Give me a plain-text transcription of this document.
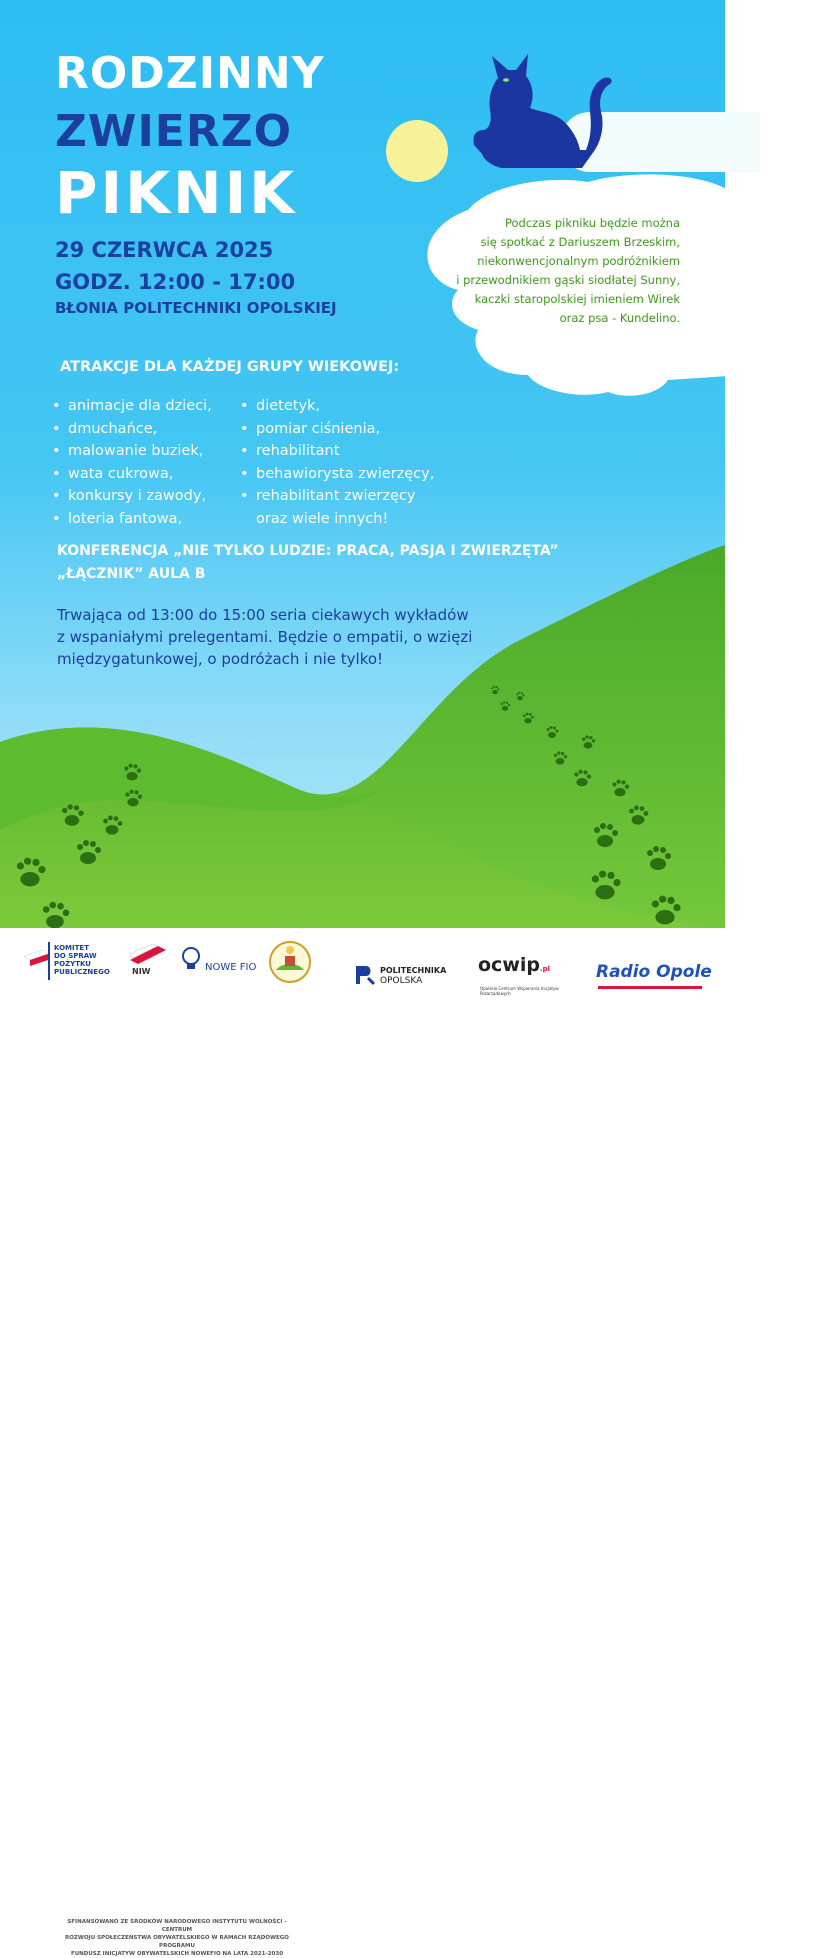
Podczas pikniku będzie można
się spotkać z Dariuszem Brzeskim,
niekonwencjonalnym podróżnikiem
i przewodnikiem gąski siodłatej Sunny,
kaczki staropolskiej imieniem Wirek
oraz psa - Kundelino.
RODZINNY
ZWIERZO
PIKNIK
29 CZERWCA 2025
GODZ. 12:00 - 17:00
BŁONIA POLITECHNIKI OPOLSKIEJ
ATRAKCJE DLA KAŻDEJ GRUPY WIEKOWEJ:
• animacje dla dzieci,
• dmuchańce,
• malowanie buziek,
• wata cukrowa,
• konkursy i zawody,
• loteria fantowa,
• dietetyk,
• pomiar ciśnienia,
• rehabilitant
• behawiorysta zwierzęcy,
• rehabilitant zwierzęcy
oraz wiele innych!
KONFERENCJA „NIE TYLKO LUDZIE: PRACA, PASJA I ZWIERZĘTA”
„ŁĄCZNIK” AULA B
Trwająca od 13:00 do 15:00 seria ciekawych wykładów
z wspaniałymi prelegentami. Będzie o empatii, o wzięzi
międzygatunkowej, o podróżach i nie tylko!
KOMITET
DO SPRAW
POŻYTKU
PUBLICZNEGO	NIW	NOWE FIO
SFINANSOWANO ZE ŚRODKÓW NARODOWEGO INSTYTUTU WOLNOŚCI - CENTRUM
ROZWOJU SPOŁECZEŃSTWA OBYWATELSKIEGO W RAMACH RZĄDOWEGO PROGRAMU
FUNDUSZ INICJATYW OBYWATELSKICH NOWEFIO NA LATA 2021-2030
POLITECHNIKA
OPOLSKA
ocwip.pl
Opolskie Centrum Wspierania Inicjatyw Pozarządowych
Radio Opole
